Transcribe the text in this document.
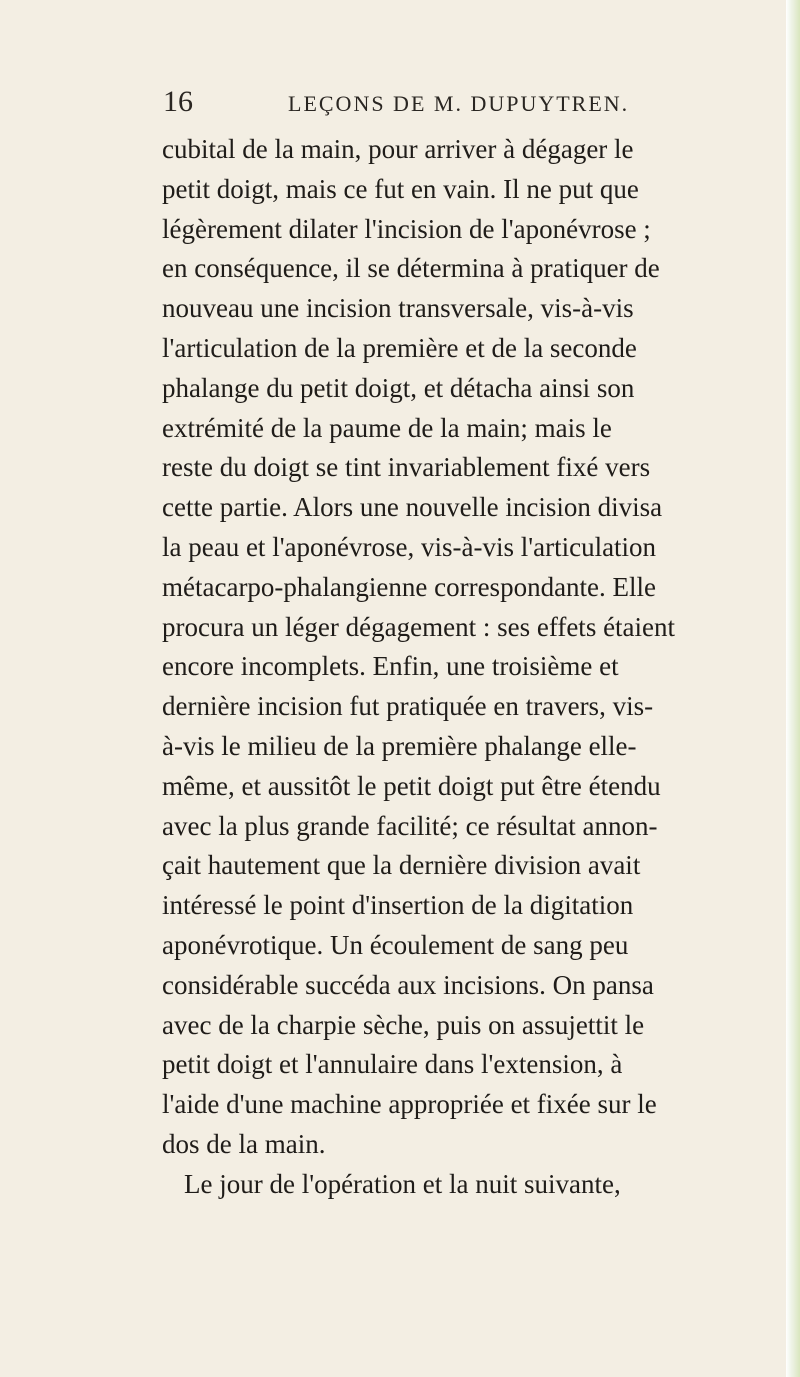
16	LEÇONS DE M. DUPUYTREN.
cubital de la main, pour arriver à dégager le
petit doigt, mais ce fut en vain. Il ne put que
légèrement dilater l'incision de l'aponévrose ;
en conséquence, il se détermina à pratiquer de
nouveau une incision transversale, vis-à-vis
l'articulation de la première et de la seconde
phalange du petit doigt, et détacha ainsi son
extrémité de la paume de la main; mais le
reste du doigt se tint invariablement fixé vers
cette partie. Alors une nouvelle incision divisa
la peau et l'aponévrose, vis-à-vis l'articulation
métacarpo-phalangienne correspondante. Elle
procura un léger dégagement : ses effets étaient
encore incomplets. Enfin, une troisième et
dernière incision fut pratiquée en travers, vis-
à-vis le milieu de la première phalange elle-
même, et aussitôt le petit doigt put être étendu
avec la plus grande facilité; ce résultat annon-
çait hautement que la dernière division avait
intéressé le point d'insertion de la digitation
aponévrotique. Un écoulement de sang peu
considérable succéda aux incisions. On pansa
avec de la charpie sèche, puis on assujettit le
petit doigt et l'annulaire dans l'extension, à
l'aide d'une machine appropriée et fixée sur le
dos de la main.
Le jour de l'opération et la nuit suivante,
